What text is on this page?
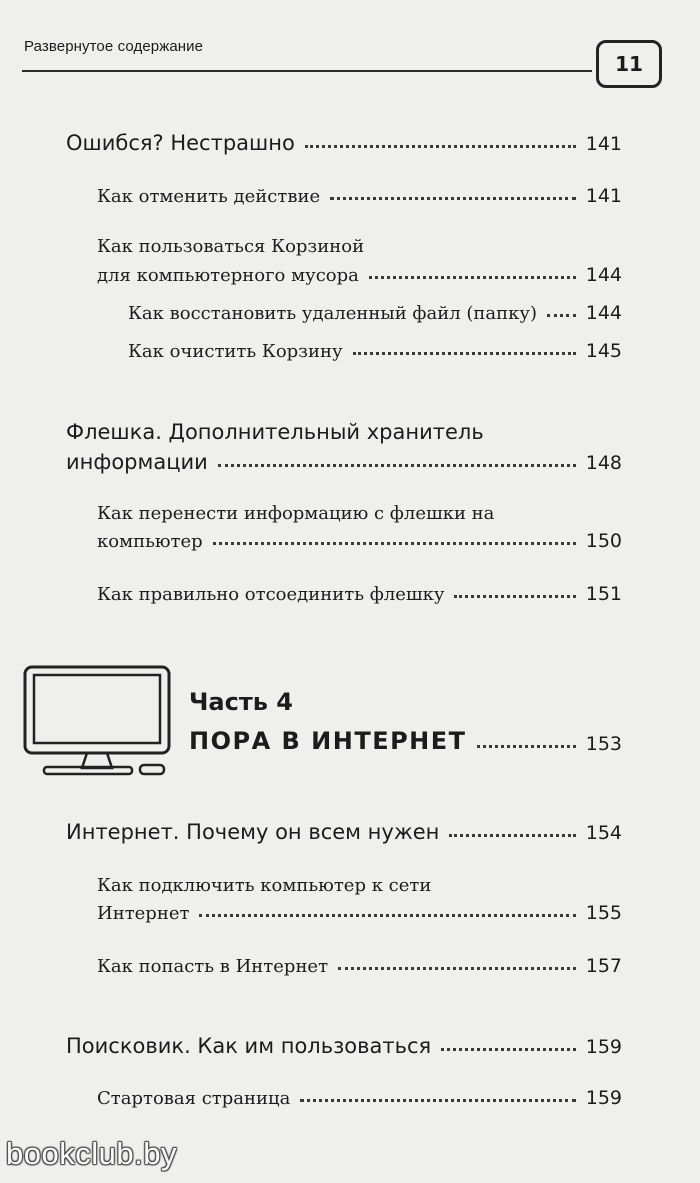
Развернутое содержание
11
Ошибся? Нестрашно	141
Как отменить действие	141
Как пользоваться Корзиной
для компьютерного мусора	144
Как восстановить удаленный файл (папку)	144
Как очистить Корзину	145
Флешка. Дополнительный хранитель
информации	148
Как перенести информацию с флешки на
компьютер	150
Как правильно отсоединить флешку	151
Часть 4
ПОРА В ИНТЕРНЕТ	153
Интернет. Почему он всем нужен	154
Как подключить компьютер к сети
Интернет	155
Как попасть в Интернет	157
Поисковик. Как им пользоваться	159
Стартовая страница	159
bookclub.by
